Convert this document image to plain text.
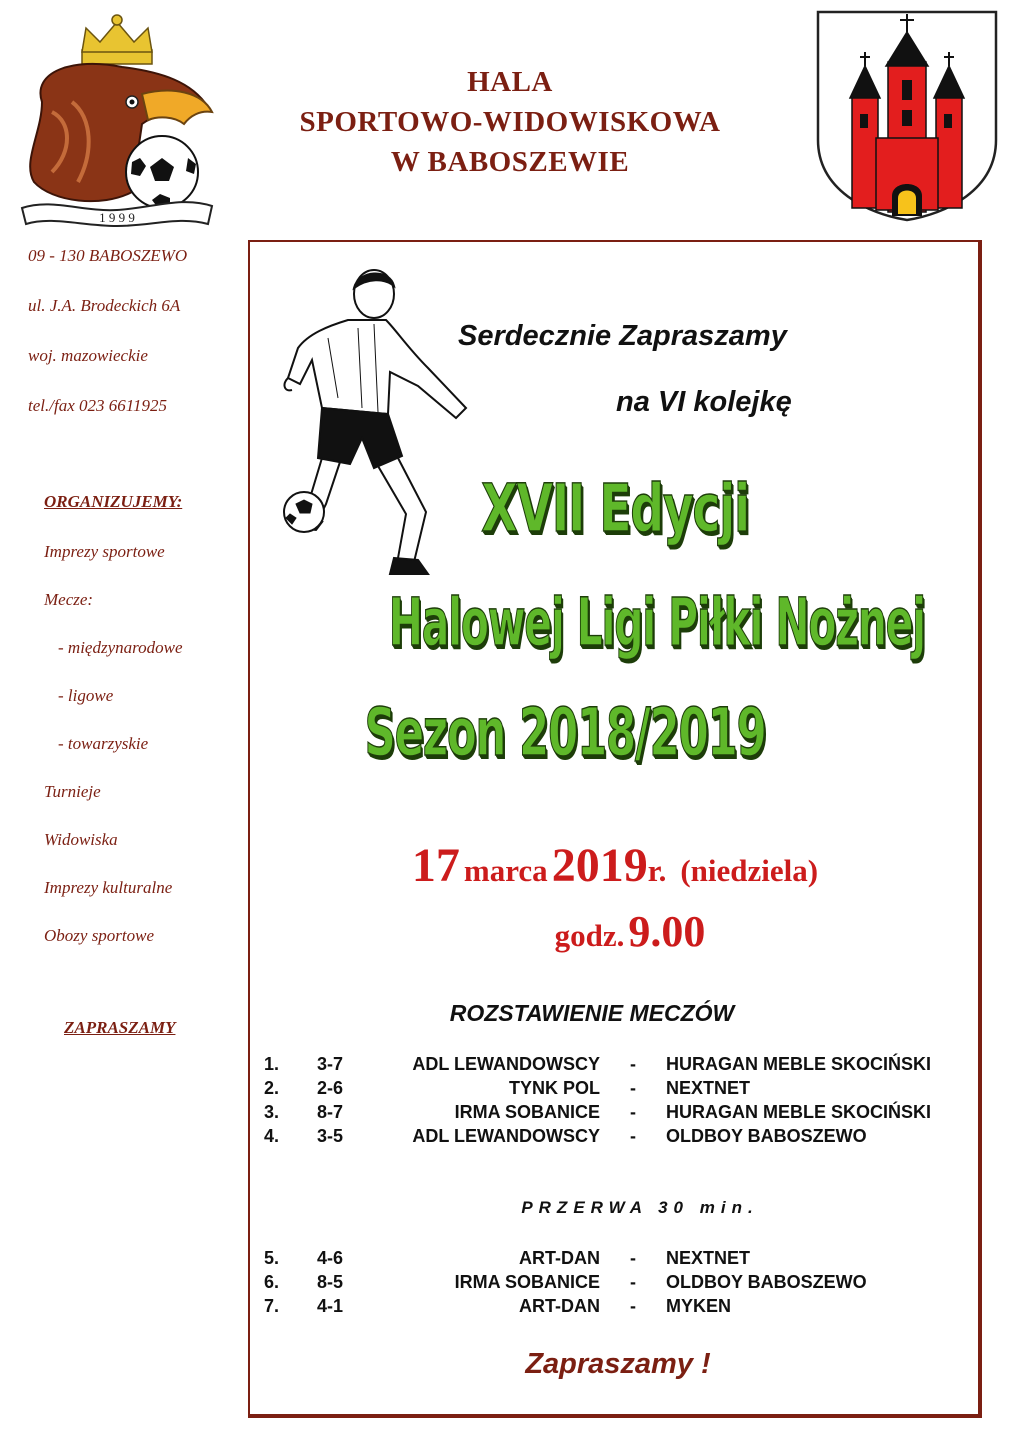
1 9 9 9
HALA
SPORTOWO-WIDOWISKOWA
W BABOSZEWIE
09 - 130 BABOSZEWO
ul. J.A. Brodeckich 6A
woj. mazowieckie
tel./fax 023 6611925
ORGANIZUJEMY:
Imprezy sportowe
Mecze:
- międzynarodowe
- ligowe
- towarzyskie
Turnieje
Widowiska
Imprezy kulturalne
Obozy sportowe
ZAPRASZAMY
Serdecznie Zapraszamy
na VI kolejkę
XVII Edycji
Halowej Ligi Piłki Nożnej
Sezon 2018/2019
17 marca 2019r. (niedziela)
godz. 9.00
ROZSTAWIENIE MECZÓW
1.	3-7	ADL LEWANDOWSCY	-	HURAGAN MEBLE SKOCIŃSKI
2.	2-6	TYNK POL	-	NEXTNET
3.	8-7	IRMA SOBANICE	-	HURAGAN MEBLE SKOCIŃSKI
4.	3-5	ADL LEWANDOWSCY	-	OLDBOY BABOSZEWO
PRZERWA 30 min.
5.	4-6	ART-DAN	-	NEXTNET
6.	8-5	IRMA SOBANICE	-	OLDBOY BABOSZEWO
7.	4-1	ART-DAN	-	MYKEN
Zapraszamy !
